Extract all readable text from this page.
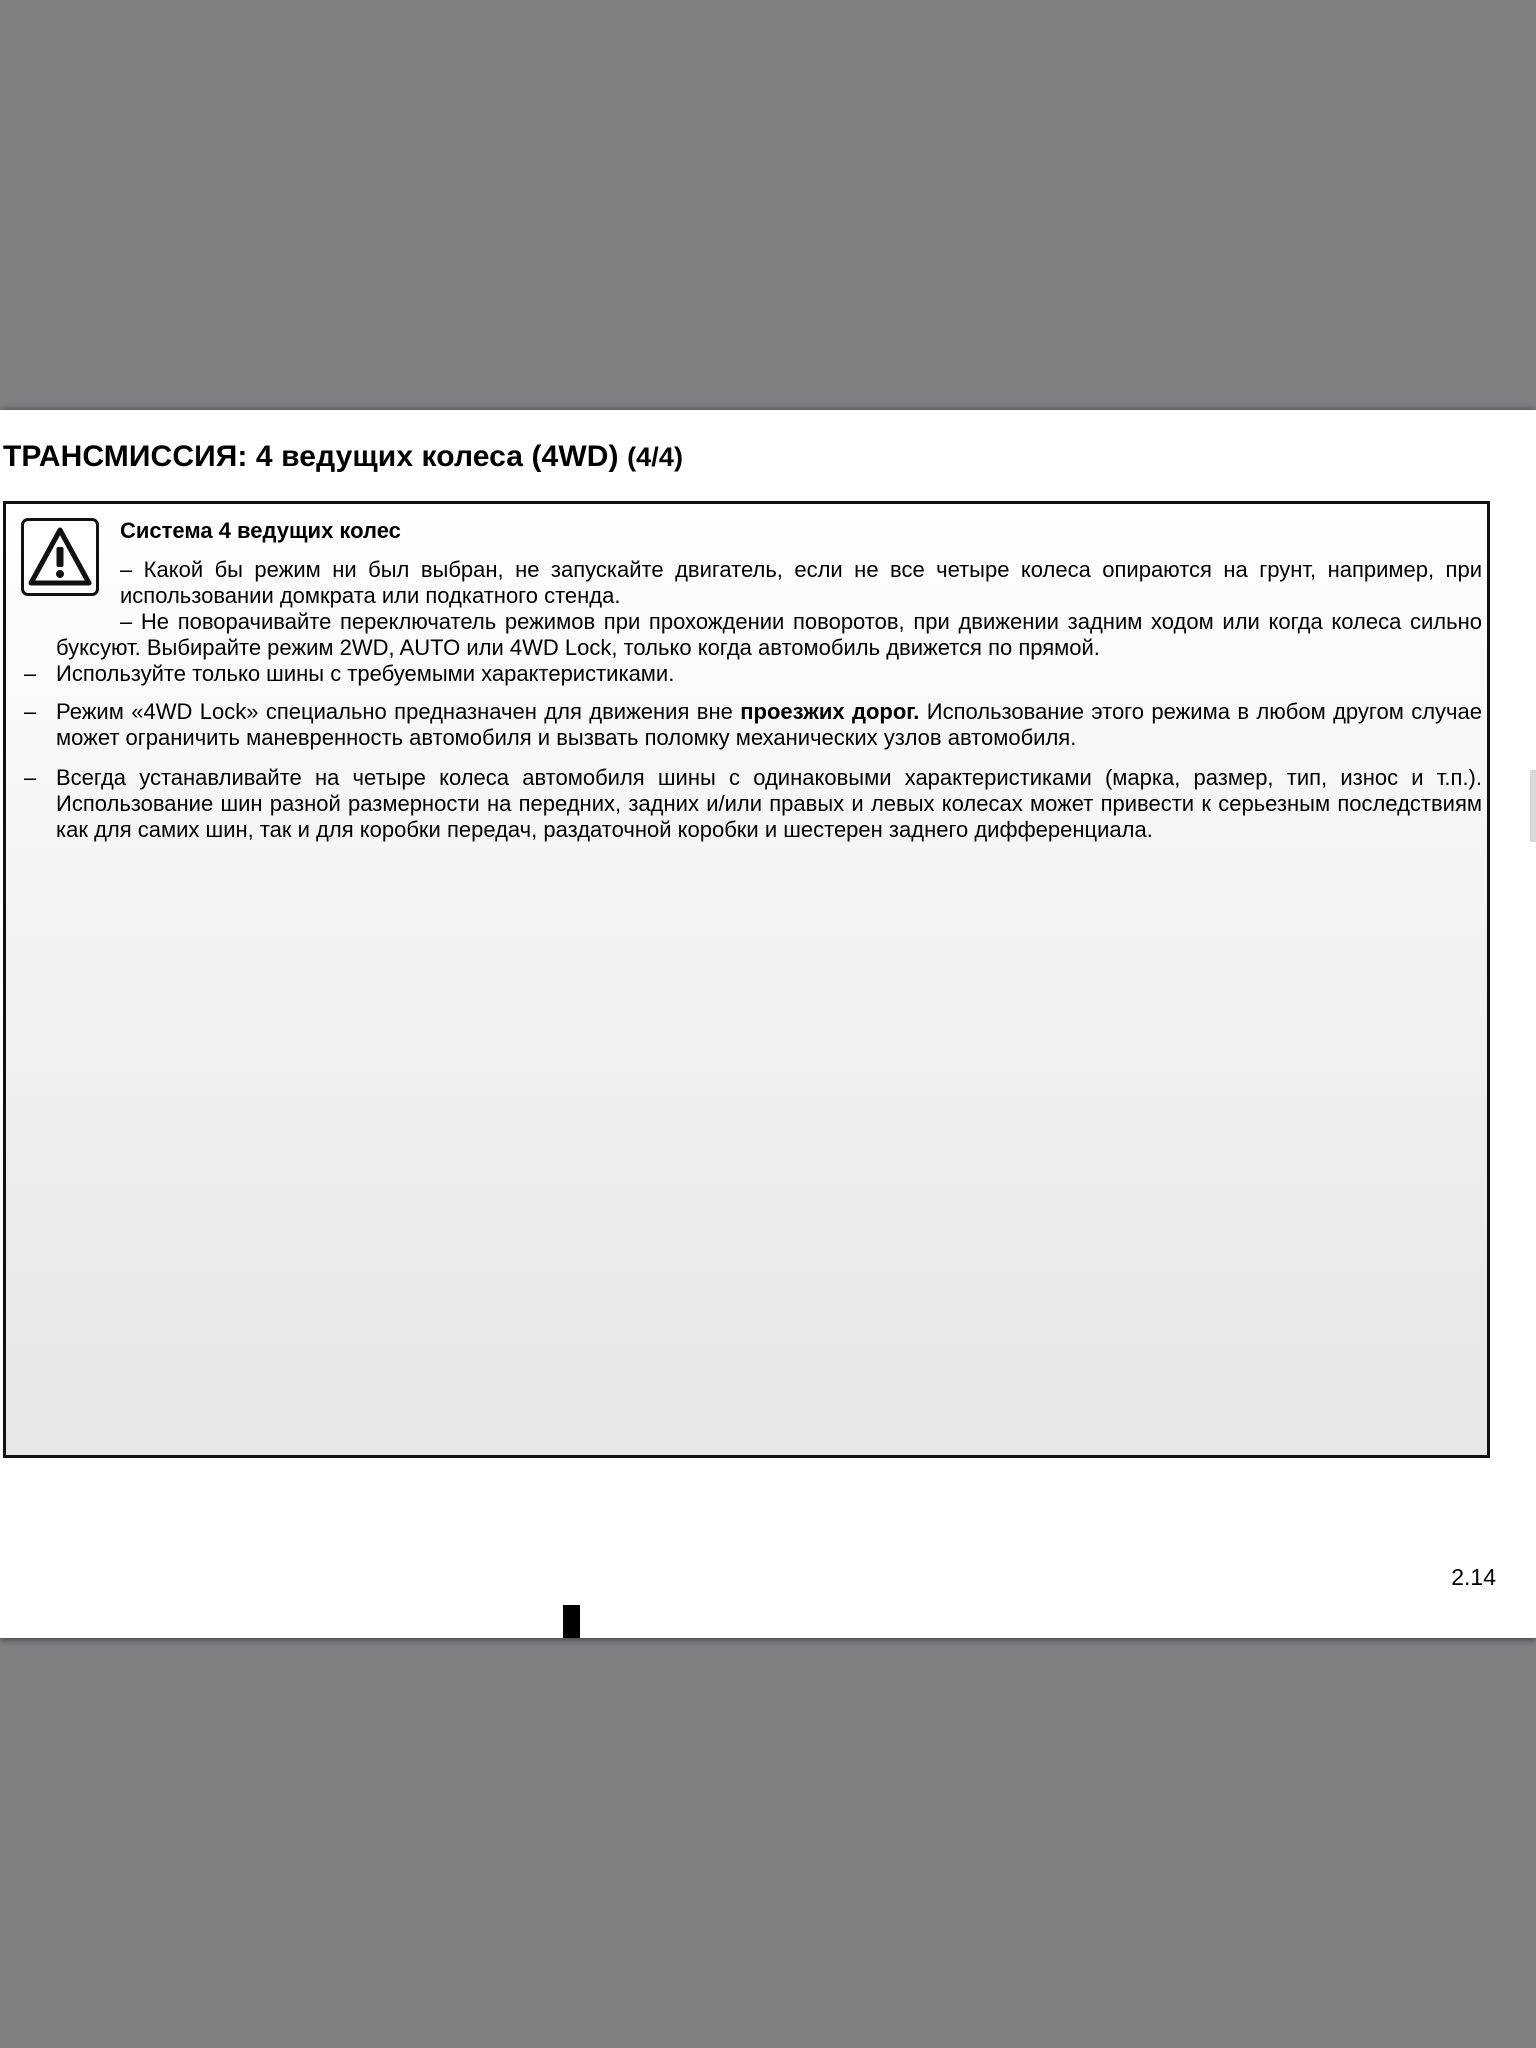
ТРАНСМИССИЯ: 4 ведущих колеса (4WD) (4/4)

Система 4 ведущих колес

– Какой бы режим ни был выбран, не запускайте двигатель, если не все четыре колеса опираются на грунт, например, при использовании домкрата или подкатного стенда.

– Не поворачивайте переключатель режимов при прохождении поворотов, при движении задним ходом или когда колеса сильно буксуют. Выбирайте режим 2WD, AUTO или 4WD Lock, только когда автомобиль движется по прямой.

– Используйте только шины с требуемыми характеристиками.

– Режим «4WD Lock» специально предназначен для движения вне проезжих дорог. Использование этого режима в любом другом случае может ограничить маневренность автомобиля и вызвать поломку механических узлов автомобиля.

– Всегда устанавливайте на четыре колеса автомобиля шины с одинаковыми характеристиками (марка, размер, тип, износ и т.п.). Использование шин разной размерности на передних, задних и/или правых и левых колесах может привести к серьезным последствиям как для самих шин, так и для коробки передач, раздаточной коробки и шестерен заднего дифференциала.

2.14
